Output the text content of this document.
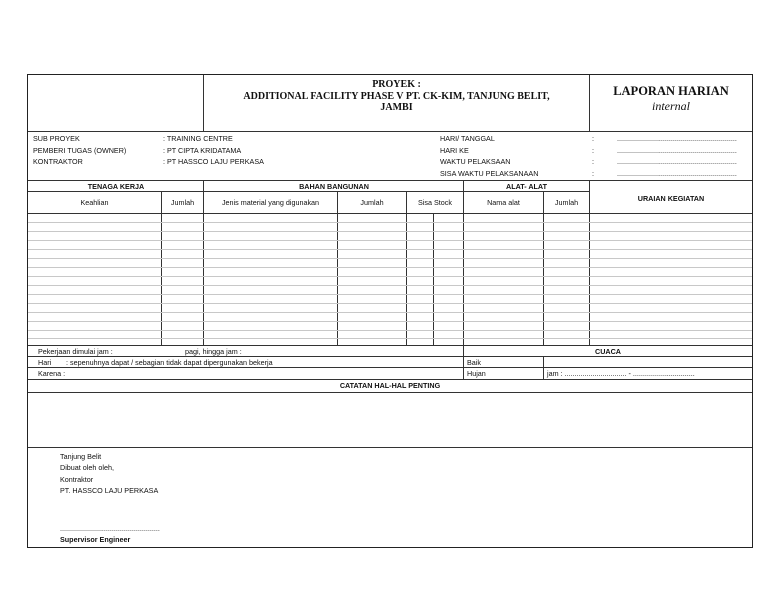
PROYEK :
ADDITIONAL FACILITY PHASE V PT. CK-KIM, TANJUNG BELIT,
JAMBI
LAPORAN HARIAN
internal
SUB PROYEK	: TRAINING CENTRE
PEMBERI TUGAS (OWNER)	: PT CIPTA KRIDATAMA
KONTRAKTOR	: PT HASSCO LAJU PERKASA
HARI/ TANGGAL	:	............................................................
HARI KE	:	............................................................
WAKTU PELAKSAAN	:	............................................................
SISA WAKTU PELAKSANAAN	:	............................................................
TENAGA KERJA	BAHAN BANGUNAN	ALAT- ALAT
URAIAN KEGIATAN
Keahlian	Jumlah	Jenis material yang digunakan	Jumlah	Sisa Stock	Nama alat	Jumlah
Pekerjaan dimulai jam :	pagi, hingga jam :
Hari : sepenuhnya dapat / sebagian tidak dapat dipergunakan bekerja
Karena :
CUACA
Baik
Hujan	jam : ............................... - ...............................
CATATAN HAL-HAL PENTING
Tanjung Belit
Dibuat oleh oleh,
Kontraktor
PT. HASSCO LAJU PERKASA
..................................................
Supervisor Engineer
